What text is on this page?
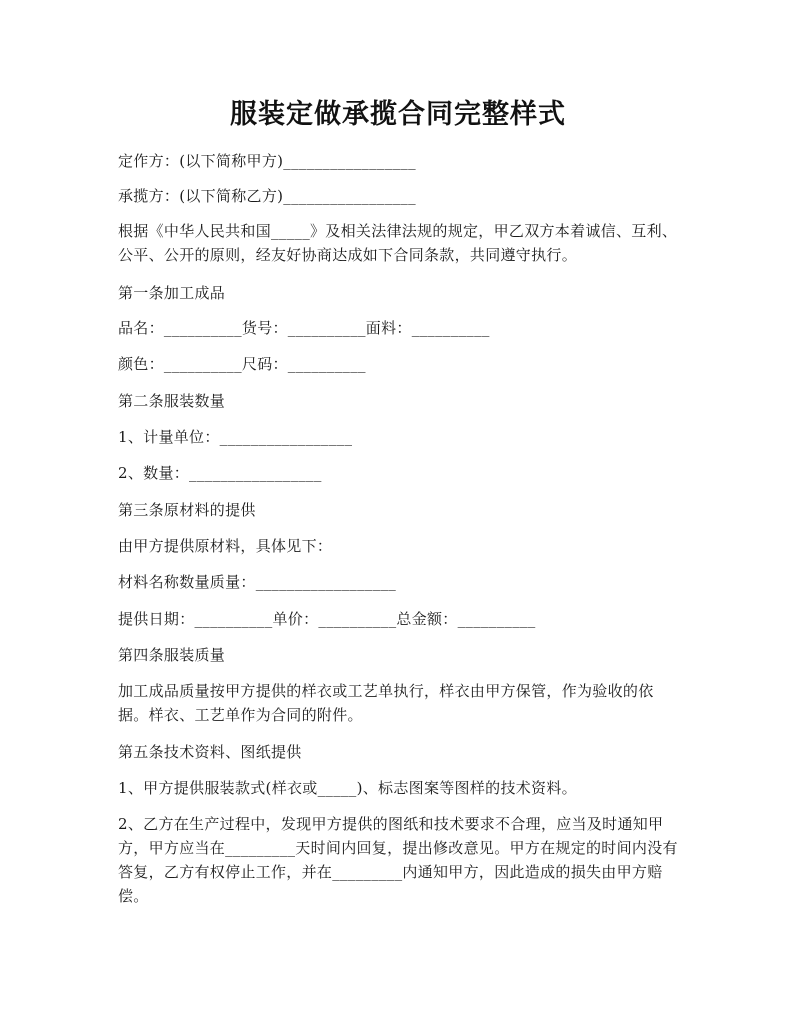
服装定做承揽合同完整样式
定作方：(以下简称甲方)_________________
承揽方：(以下简称乙方)_________________
根据《中华人民共和国_____》及相关法律法规的规定，甲乙双方本着诚信、互利、公平、公开的原则，经友好协商达成如下合同条款，共同遵守执行。
第一条加工成品
品名：__________货号：__________面料：__________
颜色：__________尺码：__________
第二条服装数量
1、计量单位：_________________
2、数量：_________________
第三条原材料的提供
由甲方提供原材料，具体见下：
材料名称数量质量：__________________
提供日期：__________单价：__________总金额：__________
第四条服装质量
加工成品质量按甲方提供的样衣或工艺单执行，样衣由甲方保管，作为验收的依据。样衣、工艺单作为合同的附件。
第五条技术资料、图纸提供
1、甲方提供服装款式(样衣或_____)、标志图案等图样的技术资料。
2、乙方在生产过程中，发现甲方提供的图纸和技术要求不合理，应当及时通知甲方，甲方应当在_________天时间内回复，提出修改意见。甲方在规定的时间内没有答复，乙方有权停止工作，并在_________内通知甲方，因此造成的损失由甲方赔偿。
